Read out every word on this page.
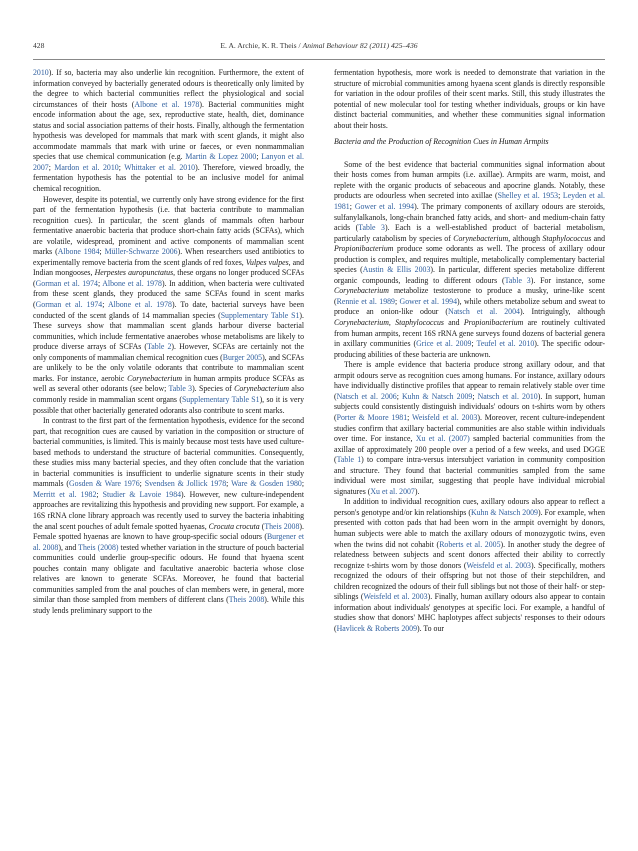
428	E. A. Archie, K. R. Theis / Animal Behaviour 82 (2011) 425–436

2010). If so, bacteria may also underlie kin recognition. Furthermore, the extent of information conveyed by bacterially generated odours is theoretically only limited by the degree to which bacterial communities reflect the physiological and social circumstances of their hosts (Albone et al. 1978). Bacterial communities might encode information about the age, sex, reproductive state, health, diet, dominance status and social association patterns of their hosts. Finally, although the fermentation hypothesis was developed for mammals that mark with scent glands, it might also accommodate mammals that mark with urine or faeces, or even nonmammalian species that use chemical communication (e.g. Martin & Lopez 2000; Lanyon et al. 2007; Mardon et al. 2010; Whittaker et al. 2010). Therefore, viewed broadly, the fermentation hypothesis has the potential to be an inclusive model for animal chemical recognition.

However, despite its potential, we currently only have strong evidence for the first part of the fermentation hypothesis (i.e. that bacteria contribute to mammalian recognition cues). In particular, the scent glands of mammals often harbour fermentative anaerobic bacteria that produce short-chain fatty acids (SCFAs), which are volatile, widespread, prominent and active components of mammalian scent marks (Albone 1984; Müller-Schwarze 2006). When researchers used antibiotics to experimentally remove bacteria from the scent glands of red foxes, Vulpes vulpes, and Indian mongooses, Herpestes auropunctatus, these organs no longer produced SCFAs (Gorman et al. 1974; Albone et al. 1978). In addition, when bacteria were cultivated from these scent glands, they produced the same SCFAs found in scent marks (Gorman et al. 1974; Albone et al. 1978). To date, bacterial surveys have been conducted of the scent glands of 14 mammalian species (Supplementary Table S1). These surveys show that mammalian scent glands harbour diverse bacterial communities, which include fermentative anaerobes whose metabolisms are likely to produce diverse arrays of SCFAs (Table 2). However, SCFAs are certainly not the only components of mammalian chemical recognition cues (Burger 2005), and SCFAs are unlikely to be the only volatile odorants that contribute to mammalian scent marks. For instance, aerobic Corynebacterium in human armpits produce SCFAs as well as several other odorants (see below; Table 3). Species of Corynebacterium also commonly reside in mammalian scent organs (Supplementary Table S1), so it is very possible that other bacterially generated odorants also contribute to scent marks.

In contrast to the first part of the fermentation hypothesis, evidence for the second part, that recognition cues are caused by variation in the composition or structure of bacterial communities, is limited. This is mainly because most tests have used culture-based methods to understand the structure of bacterial communities. Consequently, these studies miss many bacterial species, and they often conclude that the variation in bacterial communities is insufficient to underlie signature scents in their study mammals (Gosden & Ware 1976; Svendsen & Jollick 1978; Ware & Gosden 1980; Merritt et al. 1982; Studier & Lavoie 1984). However, new culture-independent approaches are revitalizing this hypothesis and providing new support. For example, a 16S rRNA clone library approach was recently used to survey the bacteria inhabiting the anal scent pouches of adult female spotted hyaenas, Crocuta crocuta (Theis 2008). Female spotted hyaenas are known to have group-specific social odours (Burgener et al. 2008), and Theis (2008) tested whether variation in the structure of pouch bacterial communities could underlie group-specific odours. He found that hyaena scent pouches contain many obligate and facultative anaerobic bacteria whose close relatives are known to generate SCFAs. Moreover, he found that bacterial communities sampled from the anal pouches of clan members were, in general, more similar than those sampled from members of different clans (Theis 2008). While this study lends preliminary support to the

fermentation hypothesis, more work is needed to demonstrate that variation in the structure of microbial communities among hyaena scent glands is directly responsible for variation in the odour profiles of their scent marks. Still, this study illustrates the potential of new molecular tool for testing whether individuals, groups or kin have distinct bacterial communities, and whether these communities signal information about their hosts.

Bacteria and the Production of Recognition Cues in Human Armpits

Some of the best evidence that bacterial communities signal information about their hosts comes from human armpits (i.e. axillae). Armpits are warm, moist, and replete with the organic products of sebaceous and apocrine glands. Notably, these products are odourless when secreted into axillae (Shelley et al. 1953; Leyden et al. 1981; Gower et al. 1994). The primary components of axillary odours are steroids, sulfanylalkanols, long-chain branched fatty acids, and short- and medium-chain fatty acids (Table 3). Each is a well-established product of bacterial metabolism, particularly catabolism by species of Corynebacterium, although Staphylococcus and Propionibacterium produce some odorants as well. The process of axillary odour production is complex, and requires multiple, metabolically complementary bacterial species (Austin & Ellis 2003). In particular, different species metabolize different organic compounds, leading to different odours (Table 3). For instance, some Corynebacterium metabolize testosterone to produce a musky, urine-like scent (Rennie et al. 1989; Gower et al. 1994), while others metabolize sebum and sweat to produce an onion-like odour (Natsch et al. 2004). Intriguingly, although Corynebacterium, Staphylococcus and Propionibacterium are routinely cultivated from human armpits, recent 16S rRNA gene surveys found dozens of bacterial genera in axillary communities (Grice et al. 2009; Teufel et al. 2010). The specific odour-producing abilities of these bacteria are unknown.

There is ample evidence that bacteria produce strong axillary odour, and that armpit odours serve as recognition cues among humans. For instance, axillary odours have individually distinctive profiles that appear to remain relatively stable over time (Natsch et al. 2006; Kuhn & Natsch 2009; Natsch et al. 2010). In support, human subjects could consistently distinguish individuals' odours on t-shirts worn by others (Porter & Moore 1981; Weisfeld et al. 2003). Moreover, recent culture-independent studies confirm that axillary bacterial communities are also stable within individuals over time. For instance, Xu et al. (2007) sampled bacterial communities from the axillae of approximately 200 people over a period of a few weeks, and used DGGE (Table 1) to compare intra-versus intersubject variation in community composition and structure. They found that bacterial communities sampled from the same individual were most similar, suggesting that people have individual microbial signatures (Xu et al. 2007).

In addition to individual recognition cues, axillary odours also appear to reflect a person's genotype and/or kin relationships (Kuhn & Natsch 2009). For example, when presented with cotton pads that had been worn in the armpit overnight by donors, human subjects were able to match the axillary odours of monozygotic twins, even when the twins did not cohabit (Roberts et al. 2005). In another study the degree of relatedness between subjects and scent donors affected their ability to correctly recognize t-shirts worn by those donors (Weisfeld et al. 2003). Specifically, mothers recognized the odours of their offspring but not those of their stepchildren, and children recognized the odours of their full siblings but not those of their half- or step-siblings (Weisfeld et al. 2003). Finally, human axillary odours also appear to contain information about individuals' genotypes at specific loci. For example, a handful of studies show that donors' MHC haplotypes affect subjects' responses to their odours (Havlicek & Roberts 2009). To our
